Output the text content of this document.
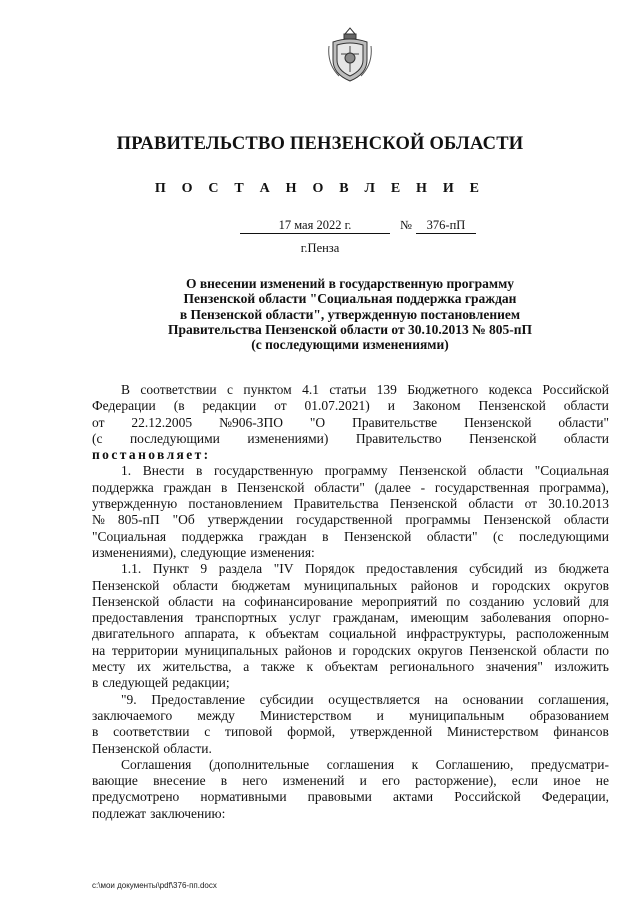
ПРАВИТЕЛЬСТВО ПЕНЗЕНСКОЙ ОБЛАСТИ
П О С Т А Н О В Л Е Н И Е
17 мая 2022 г.	№	376-пП
г.Пенза
О внесении изменений в государственную программу
Пензенской области "Социальная поддержка граждан
в Пензенской области", утвержденную постановлением
Правительства Пензенской области от 30.10.2013 № 805-пП
(с последующими изменениями)
В соответствии с пунктом 4.1 статьи 139 Бюджетного кодекса Российской
Федерации (в редакции от 01.07.2021) и Законом Пензенской области
от 22.12.2005 №906-ЗПО "О Правительстве Пензенской области"
(с последующими изменениями) Правительство Пензенской области
постановляет:
1. Внести в государственную программу Пензенской области "Социальная
поддержка граждан в Пензенской области" (далее - государственная программа),
утвержденную постановлением Правительства Пензенской области от 30.10.2013
№ 805-пП "Об утверждении государственной программы Пензенской области
"Социальная поддержка граждан в Пензенской области" (с последующими
изменениями), следующие изменения:
1.1. Пункт 9 раздела "IV Порядок предоставления субсидий из бюджета
Пензенской области бюджетам муниципальных районов и городских округов
Пензенской области на софинансирование мероприятий по созданию условий для
предоставления транспортных услуг гражданам, имеющим заболевания опорно-
двигательного аппарата, к объектам социальной инфраструктуры, расположенным
на территории муниципальных районов и городских округов Пензенской области по
месту их жительства, а также к объектам регионального значения" изложить
в следующей редакции;
"9. Предоставление субсидии осуществляется на основании соглашения,
заключаемого между Министерством и муниципальным образованием
в соответствии с типовой формой, утвержденной Министерством финансов
Пензенской области.
Соглашения (дополнительные соглашения к Соглашению, предусматри-
вающие внесение в него изменений и его расторжение), если иное не
предусмотрено нормативными правовыми актами Российской Федерации,
подлежат заключению:
c:\мои документы\рdf\376-пп.docx
